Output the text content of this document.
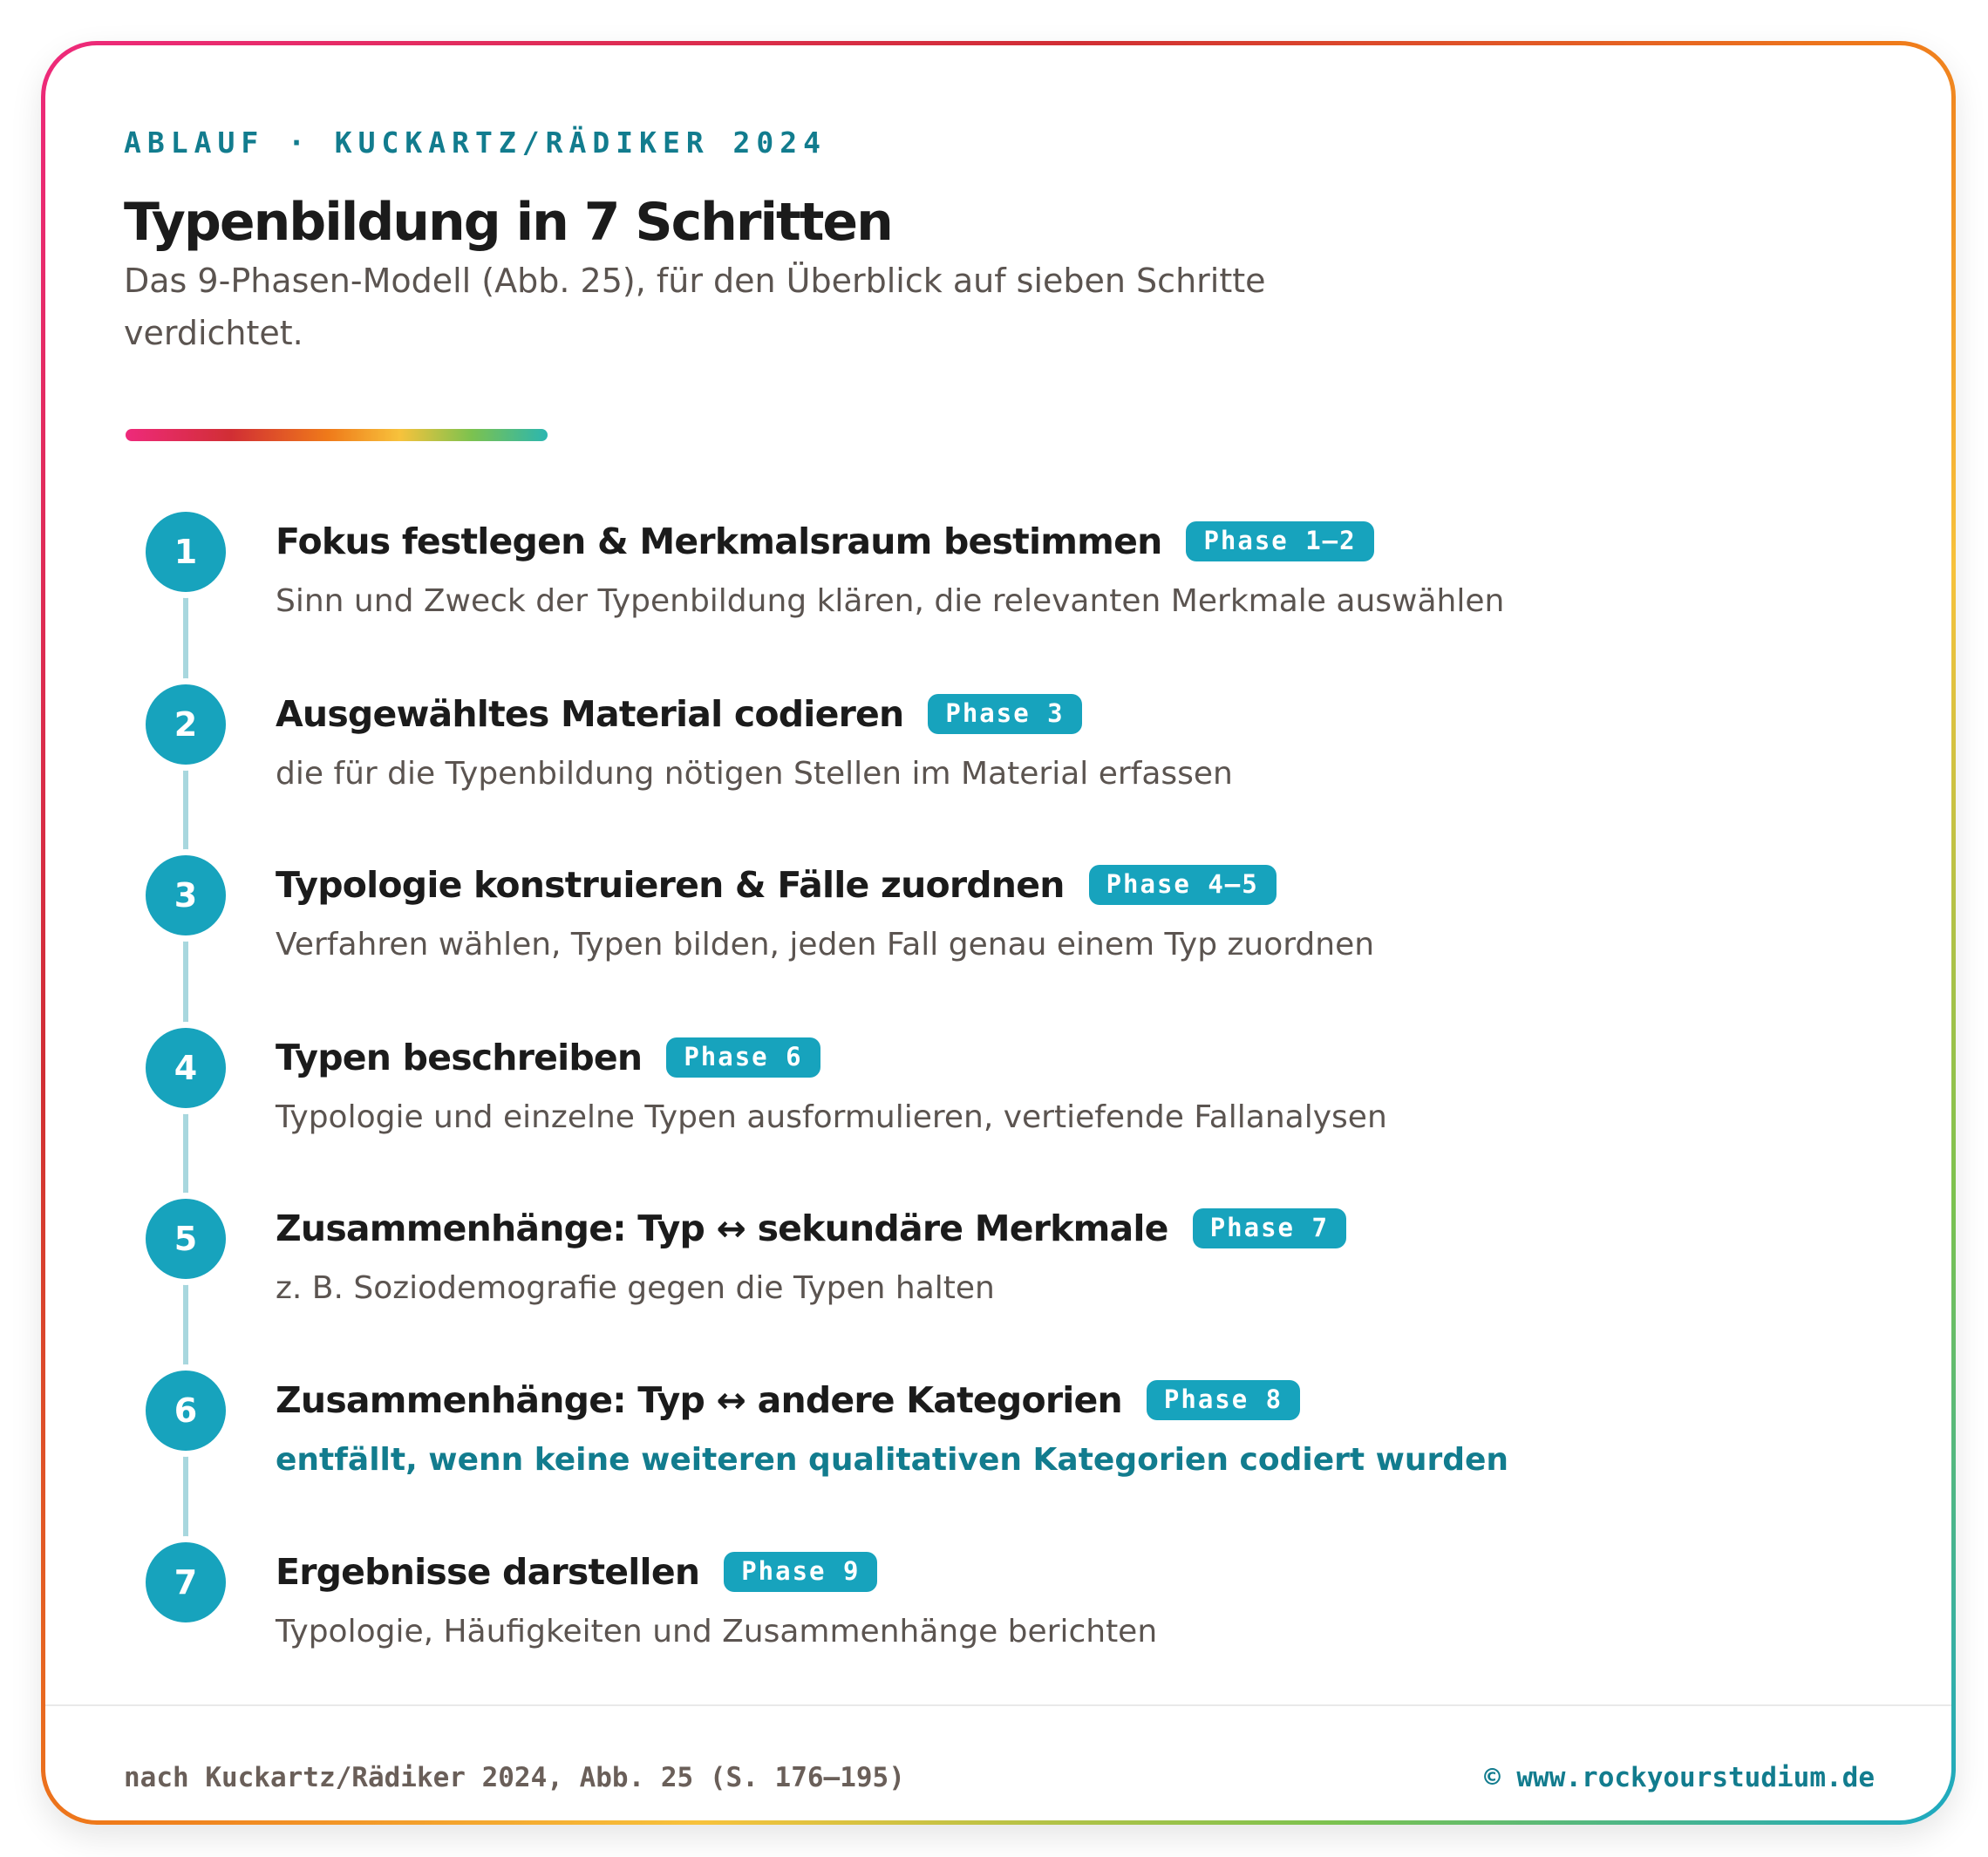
ABLAUF · KUCKARTZ/RÄDIKER 2024
Typenbildung in 7 Schritten
Das 9-Phasen-Modell (Abb. 25), für den Überblick auf sieben Schritte verdichtet.
1	Fokus festlegen & Merkmalsraum bestimmen	Phase 1–2
Sinn und Zweck der Typenbildung klären, die relevanten Merkmale auswählen
2	Ausgewähltes Material codieren	Phase 3
die für die Typenbildung nötigen Stellen im Material erfassen
3	Typologie konstruieren & Fälle zuordnen	Phase 4–5
Verfahren wählen, Typen bilden, jeden Fall genau einem Typ zuordnen
4	Typen beschreiben	Phase 6
Typologie und einzelne Typen ausformulieren, vertiefende Fallanalysen
5	Zusammenhänge: Typ ↔ sekundäre Merkmale	Phase 7
z. B. Soziodemografie gegen die Typen halten
6	Zusammenhänge: Typ ↔ andere Kategorien	Phase 8
entfällt, wenn keine weiteren qualitativen Kategorien codiert wurden
7	Ergebnisse darstellen	Phase 9
Typologie, Häufigkeiten und Zusammenhänge berichten
nach Kuckartz/Rädiker 2024, Abb. 25 (S. 176–195)	© www.rockyourstudium.de
